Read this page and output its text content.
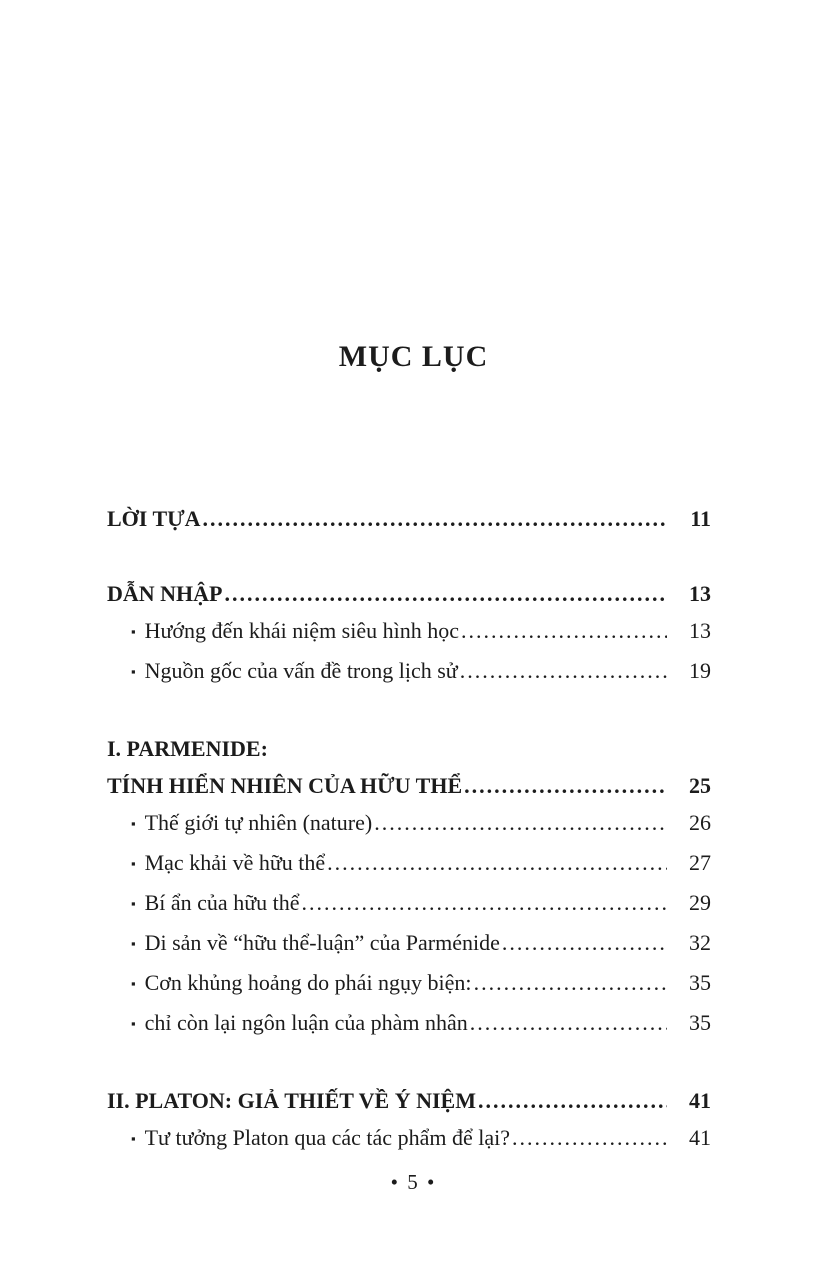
MỤC LỤC
LỜI TỰA .....	11
DẪN NHẬP .....	13
▪ Hướng đến khái niệm siêu hình học .....	13
▪ Nguồn gốc của vấn đề trong lịch sử .....	19
I. PARMENIDE:
TÍNH HIỂN NHIÊN CỦA HỮU THỂ .....	25
▪ Thế giới tự nhiên (nature) .....	26
▪ Mạc khải về hữu thể .....	27
▪ Bí ẩn của hữu thể .....	29
▪ Di sản về “hữu thể-luận” của Parménide .....	32
▪ Cơn khủng hoảng do phái ngụy biện: .....	35
▪ chỉ còn lại ngôn luận của phàm nhân .....	35
II. PLATON: GIẢ THIẾT VỀ Ý NIỆM .....	41
▪ Tư tưởng Platon qua các tác phẩm để lại? .....	41
• 5 •
